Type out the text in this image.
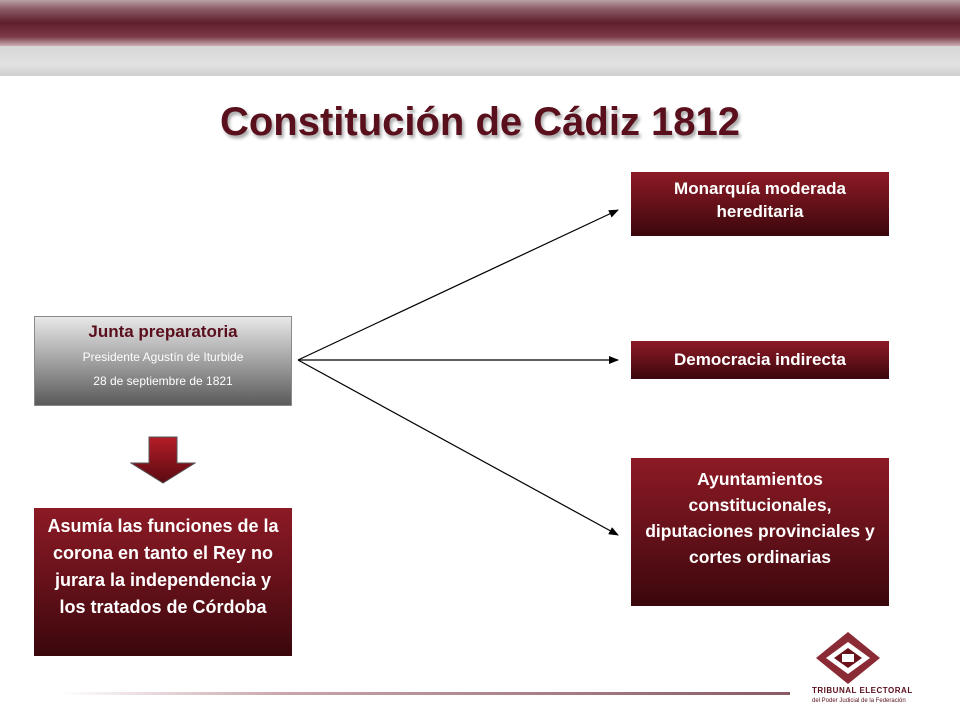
Constitución de Cádiz 1812
Junta preparatoria
Presidente Agustín de Iturbide
28 de septiembre de 1821
Asumía las funciones de la corona en tanto el Rey no jurara la independencia y los tratados de Córdoba
Monarquía moderada hereditaria
Democracia indirecta
Ayuntamientos constitucionales, diputaciones provinciales y cortes ordinarias
TRIBUNAL ELECTORAL
del Poder Judicial de la Federación
